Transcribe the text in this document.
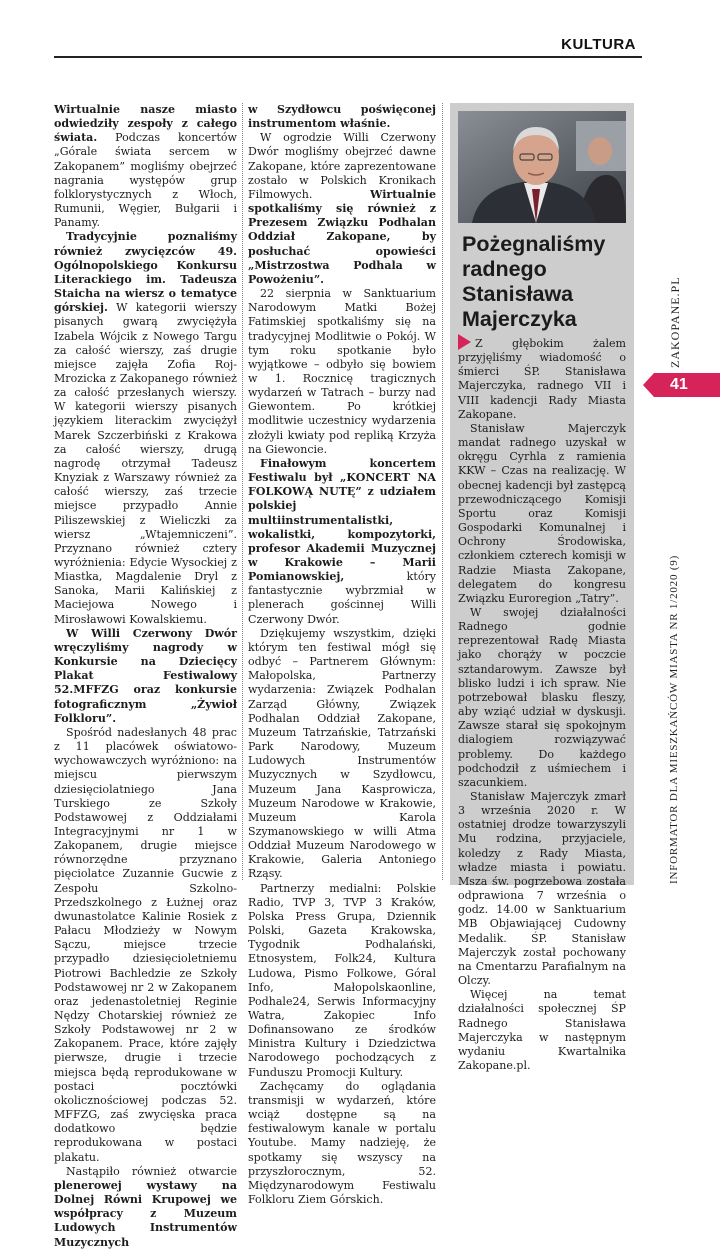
KULTURA

Wirtualnie nasze miasto odwiedziły zespoły z całego świata. Podczas koncertów „Górale świata sercem w Zakopanem” mogliśmy obejrzeć nagrania występów grup folklorystycznych z Włoch, Rumunii, Węgier, Bułgarii i Panamy.

Tradycyjnie poznaliśmy również zwycięzców 49. Ogólnopolskiego Konkursu Literackiego im. Tadeusza Staicha na wiersz o tematyce górskiej. W kategorii wierszy pisanych gwarą zwyciężyła Izabela Wójcik z Nowego Targu za całość wierszy, zaś drugie miejsce zajęła Zofia Roj-Mrozicka z Zakopanego również za całość przesłanych wierszy. W kategorii wierszy pisanych językiem literackim zwyciężył Marek Szczerbiński z Krakowa za całość wierszy, drugą nagrodę otrzymał Tadeusz Knyziak z Warszawy również za całość wierszy, zaś trzecie miejsce przypadło Annie Piliszewskiej z Wieliczki za wiersz „Wtajemniczeni”. Przyznano również cztery wyróżnienia: Edycie Wysockiej z Miastka, Magdalenie Dryl z Sanoka, Marii Kalińskiej z Maciejowa Nowego i Mirosławowi Kowalskiemu.

W Willi Czerwony Dwór wręczyliśmy nagrody w Konkursie na Dziecięcy Plakat Festiwalowy 52.MFFZG oraz konkursie fotograficznym „Żywioł Folkloru”.

Spośród nadesłanych 48 prac z 11 placówek oświatowo-wychowawczych wyróżniono: na miejscu pierwszym dziesięciolatniego Jana Turskiego ze Szkoły Podstawowej z Oddziałami Integracyjnymi nr 1 w Zakopanem, drugie miejsce równorzędne przyznano pięciolatce Zuzannie Gucwie z Zespołu Szkolno-Przedszkolnego z Łużnej oraz dwunastolatce Kalinie Rosiek z Pałacu Młodzieży w Nowym Sączu, miejsce trzecie przypadło dziesięcioletniemu Piotrowi Bachledzie ze Szkoły Podstawowej nr 2 w Zakopanem oraz jedenastoletniej Reginie Nędzy Chotarskiej również ze Szkoły Podstawowej nr 2 w Zakopanem. Prace, które zajęły pierwsze, drugie i trzecie miejsca będą reprodukowane w postaci pocztówki okolicznościowej podczas 52. MFFZG, zaś zwycięska praca dodatkowo będzie reprodukowana w postaci plakatu.

Nastąpiło również otwarcie plenerowej wystawy na Dolnej Równi Krupowej we współpracy z Muzeum Ludowych Instrumentów Muzycznych

w Szydłowcu poświęconej instrumentom właśnie.

W ogrodzie Willi Czerwony Dwór mogliśmy obejrzeć dawne Zakopane, które zaprezentowane zostało w Polskich Kronikach Filmowych. Wirtualnie spotkaliśmy się również z Prezesem Związku Podhalan Oddział Zakopane, by posłuchać opowieści „Mistrzostwa Podhala w Powożeniu”.

22 sierpnia w Sanktuarium Narodowym Matki Bożej Fatimskiej spotkaliśmy się na tradycyjnej Modlitwie o Pokój. W tym roku spotkanie było wyjątkowe – odbyło się bowiem w 1. Rocznicę tragicznych wydarzeń w Tatrach – burzy nad Giewontem. Po krótkiej modlitwie uczestnicy wydarzenia złożyli kwiaty pod repliką Krzyża na Giewoncie.

Finałowym koncertem Festiwalu był „KONCERT NA FOLKOWĄ NUTĘ” z udziałem polskiej multiinstrumentalistki, wokalistki, kompozytorki, profesor Akademii Muzycznej w Krakowie – Marii Pomianowskiej, który fantastycznie wybrzmiał w plenerach gościnnej Willi Czerwony Dwór.

Dziękujemy wszystkim, dzięki którym ten festiwal mógł się odbyć – Partnerem Głównym: Małopolska, Partnerzy wydarzenia: Związek Podhalan Zarząd Główny, Związek Podhalan Oddział Zakopane, Muzeum Tatrzańskie, Tatrzański Park Narodowy, Muzeum Ludowych Instrumentów Muzycznych w Szydłowcu, Muzeum Jana Kasprowicza, Muzeum Narodowe w Krakowie, Muzeum Karola Szymanowskiego w willi Atma Oddział Muzeum Narodowego w Krakowie, Galeria Antoniego Rząsy.

Partnerzy medialni: Polskie Radio, TVP 3, TVP 3 Kraków, Polska Press Grupa, Dziennik Polski, Gazeta Krakowska, Tygodnik Podhalański, Etnosystem, Folk24, Kultura Ludowa, Pismo Folkowe, Góral Info, Małopolskaonline, Podhale24, Serwis Informacyjny Watra, Zakopiec Info Dofinansowano ze środków Ministra Kultury i Dziedzictwa Narodowego pochodzących z Funduszu Promocji Kultury.

Zachęcamy do oglądania transmisji w wydarzeń, które wciąż dostępne są na festiwalowym kanale w portalu Youtube. Mamy nadzieję, że spotkamy się wszyscy na przyszłorocznym, 52. Międzynarodowym Festiwalu Folkloru Ziem Górskich.

Pożegnaliśmy radnego Stanisława Majerczyka

Z głębokim żalem przyjęliśmy wiadomość o śmierci ŚP. Stanisława Majerczyka, radnego VII i VIII kadencji Rady Miasta Zakopane.

Stanisław Majerczyk mandat radnego uzyskał w okręgu Cyrhla z ramienia KKW – Czas na realizację. W obecnej kadencji był zastępcą przewodniczącego Komisji Sportu oraz Komisji Gospodarki Komunalnej i Ochrony Środowiska, członkiem czterech komisji w Radzie Miasta Zakopane, delegatem do kongresu Związku Euroregion „Tatry”.

W swojej działalności Radnego godnie reprezentował Radę Miasta jako chorąży w poczcie sztandarowym. Zawsze był blisko ludzi i ich spraw. Nie potrzebował blasku fleszy, aby wziąć udział w dyskusji. Zawsze starał się spokojnym dialogiem rozwiązywać problemy. Do każdego podchodził z uśmiechem i szacunkiem.

Stanisław Majerczyk zmarł 3 września 2020 r. W ostatniej drodze towarzyszyli Mu rodzina, przyjaciele, koledzy z Rady Miasta, władze miasta i powiatu. Msza św. pogrzebowa została odprawiona 7 września o godz. 14.00 w Sanktuarium MB Objawiającej Cudowny Medalik. ŚP. Stanisław Majerczyk został pochowany na Cmentarzu Parafialnym na Olczy.

Więcej na temat działalności społecznej ŚP Radnego Stanisława Majerczyka w następnym wydaniu Kwartalnika Zakopane.pl.

ZAKOPANE.PL
41
INFORMATOR DLA MIESZKAŃCÓW MIASTA NR 1/2020 (9)
